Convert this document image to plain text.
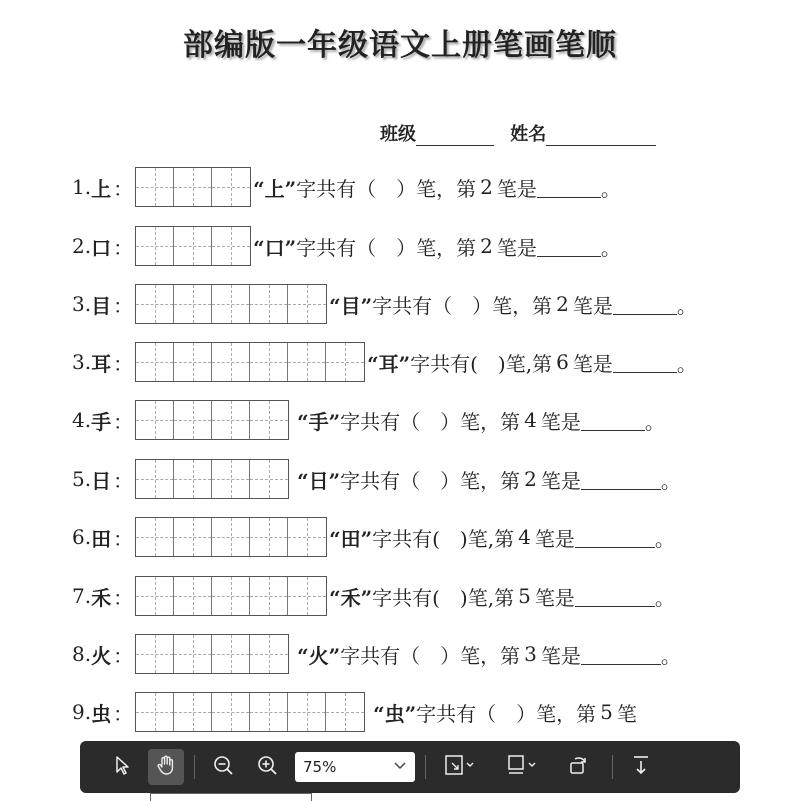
部编版一年级语文上册笔画笔顺
班级	姓名
1. 上 ：	“上” 字共有（　）笔，第 2 笔是	。
2. 口 ：	“口” 字共有（　）笔，第 2 笔是	。
3. 目 ：	“目” 字共有（　）笔，第 2 笔是	。
3. 耳 ：	“耳” 字共有(　)笔,第 6 笔是	。
4. 手 ：	“手” 字共有（　）笔，第 4 笔是	。
5. 日 ：	“日” 字共有（　）笔，第 2 笔是	。
6. 田 ：	“田” 字共有(　)笔,第 4 笔是	。
7. 禾 ：	“禾” 字共有(　)笔,第 5 笔是	。
8. 火 ：	“火” 字共有（　）笔，第 3 笔是	。
9. 虫 ：	“虫” 字共有（　）笔，第 5 笔
75%
